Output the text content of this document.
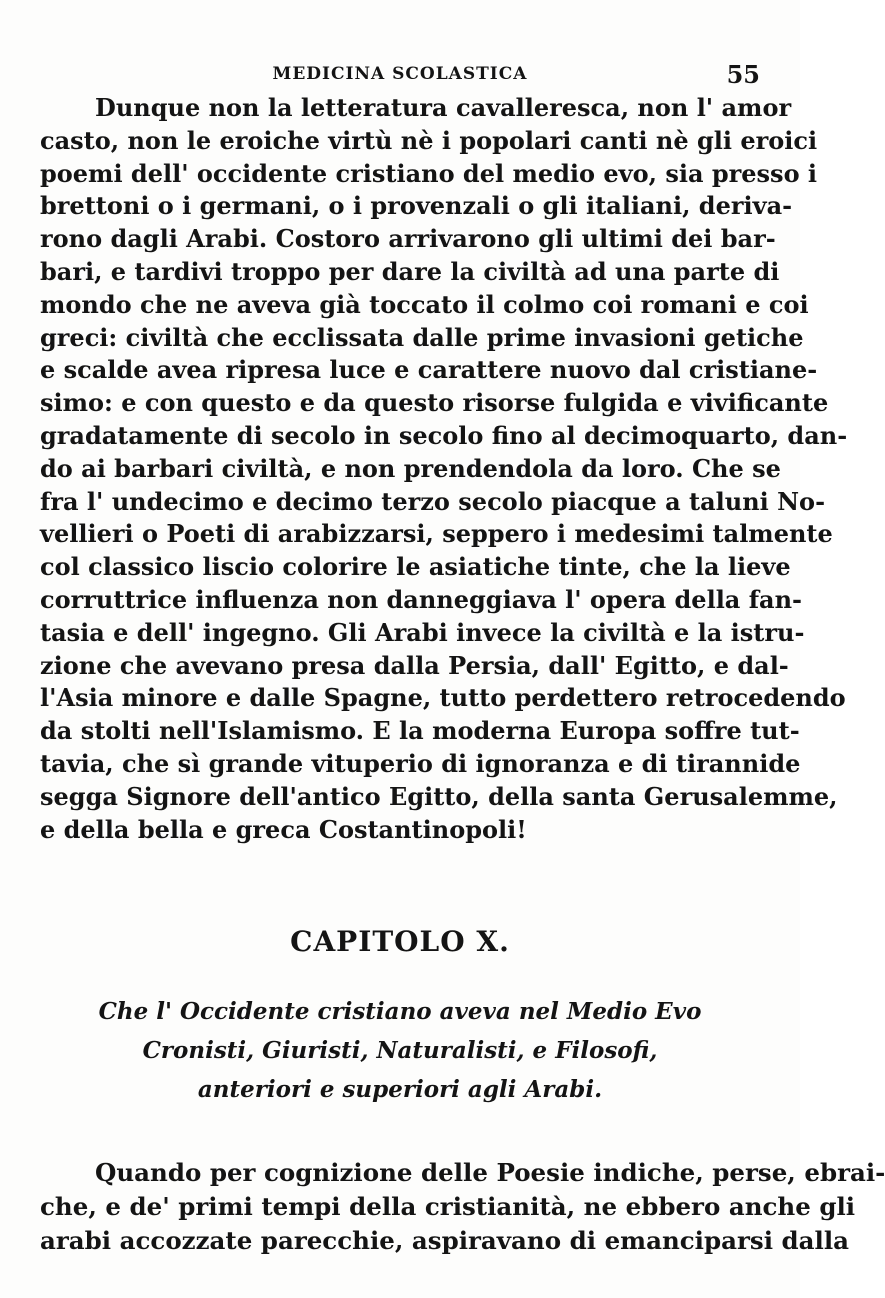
MEDICINA SCOLASTICA	55
Dunque non la letteratura cavalleresca, non l' amor
casto, non le eroiche virtù nè i popolari canti nè gli eroici
poemi dell' occidente cristiano del medio evo, sia presso i
brettoni o i germani, o i provenzali o gli italiani, deriva-
rono dagli Arabi. Costoro arrivarono gli ultimi dei bar-
bari, e tardivi troppo per dare la civiltà ad una parte di
mondo che ne aveva già toccato il colmo coi romani e coi
greci: civiltà che ecclissata dalle prime invasioni getiche
e scalde avea ripresa luce e carattere nuovo dal cristiane-
simo: e con questo e da questo risorse fulgida e vivificante
gradatamente di secolo in secolo fino al decimoquarto, dan-
do ai barbari civiltà, e non prendendola da loro. Che se
fra l' undecimo e decimo terzo secolo piacque a taluni No-
vellieri o Poeti di arabizzarsi, seppero i medesimi talmente
col classico liscio colorire le asiatiche tinte, che la lieve
corruttrice influenza non danneggiava l' opera della fan-
tasia e dell' ingegno. Gli Arabi invece la civiltà e la istru-
zione che avevano presa dalla Persia, dall' Egitto, e dal-
l'Asia minore e dalle Spagne, tutto perdettero retrocedendo
da stolti nell'Islamismo. E la moderna Europa soffre tut-
tavia, che sì grande vituperio di ignoranza e di tirannide
segga Signore dell'antico Egitto, della santa Gerusalemme,
e della bella e greca Costantinopoli!
CAPITOLO X.
Che l' Occidente cristiano aveva nel Medio Evo
Cronisti, Giuristi, Naturalisti, e Filosofi,
anteriori e superiori agli Arabi.
Quando per cognizione delle Poesie indiche, perse, ebrai-
che, e de' primi tempi della cristianità, ne ebbero anche gli
arabi accozzate parecchie, aspiravano di emanciparsi dalla
